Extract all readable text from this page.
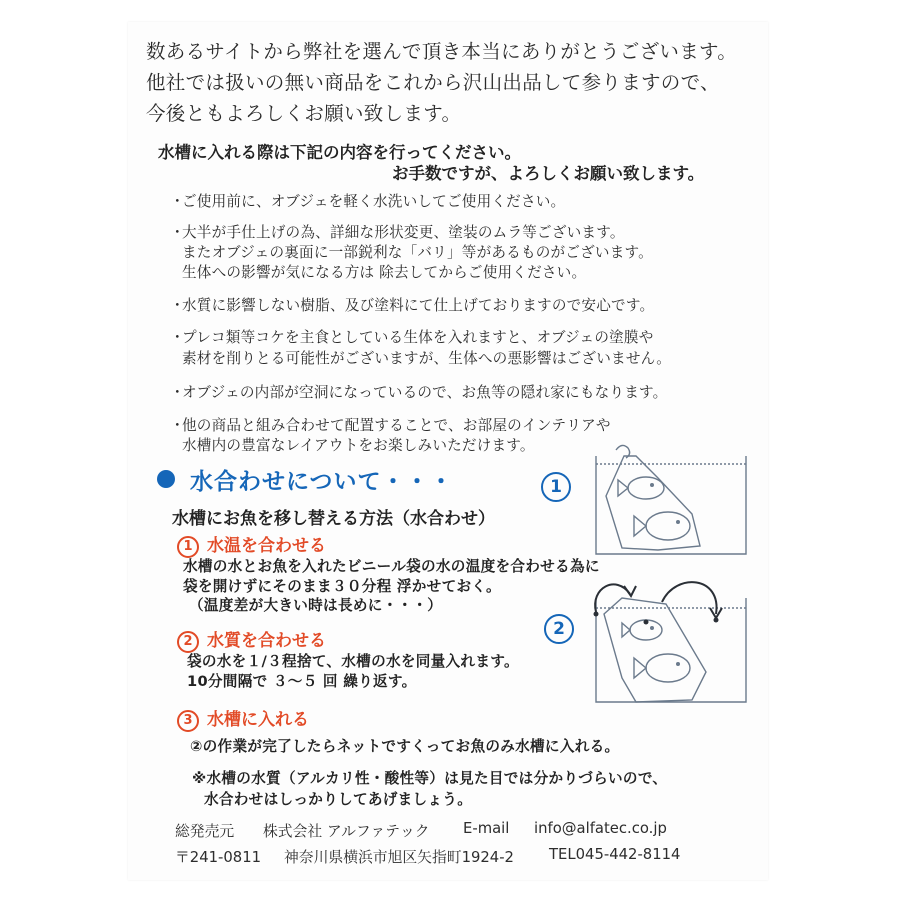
数あるサイトから弊社を選んで頂き本当にありがとうございます。
他社では扱いの無い商品をこれから沢山出品して参りますので、
今後ともよろしくお願い致します。
水槽に入れる際は下記の内容を行ってください。
お手数ですが、よろしくお願い致します。
・
ご使用前に、オブジェを軽く水洗いしてご使用ください。
・
大半が手仕上げの為、詳細な形状変更、塗装のムラ等ございます。
またオブジェの裏面に一部鋭利な「バリ」等があるものがございます。
生体への影響が気になる方は 除去してからご使用ください。
・
水質に影響しない樹脂、及び塗料にて仕上げておりますので安心です。
・
プレコ類等コケを主食としている生体を入れますと、オブジェの塗膜や
素材を削りとる可能性がございますが、生体への悪影響はございません。
・
オブジェの内部が空洞になっているので、お魚等の隠れ家にもなります。
・
他の商品と組み合わせて配置することで、お部屋のインテリアや
水槽内の豊富なレイアウトをお楽しみいただけます。
水合わせについて・・・
水槽にお魚を移し替える方法（水合わせ）
1 水温を合わせる
水槽の水とお魚を入れたビニール袋の水の温度を合わせる為に
袋を開けずにそのまま３０分程 浮かせておく。
（温度差が大きい時は長めに・・・）
2 水質を合わせる
袋の水を１/３程捨て、水槽の水を同量入れます。
10分間隔で ３～５ 回 繰り返す。
3 水槽に入れる
②の作業が完了したらネットですくってお魚のみ水槽に入れる。
※水槽の水質（アルカリ性・酸性等）は見た目では分かりづらいので、
水合わせはしっかりしてあげましょう。
1
2
総発売元 株式会社 アルファテック E-mail info@alfatec.co.jp
〒241-0811 神奈川県横浜市旭区矢指町1924-2 TEL045-442-8114
